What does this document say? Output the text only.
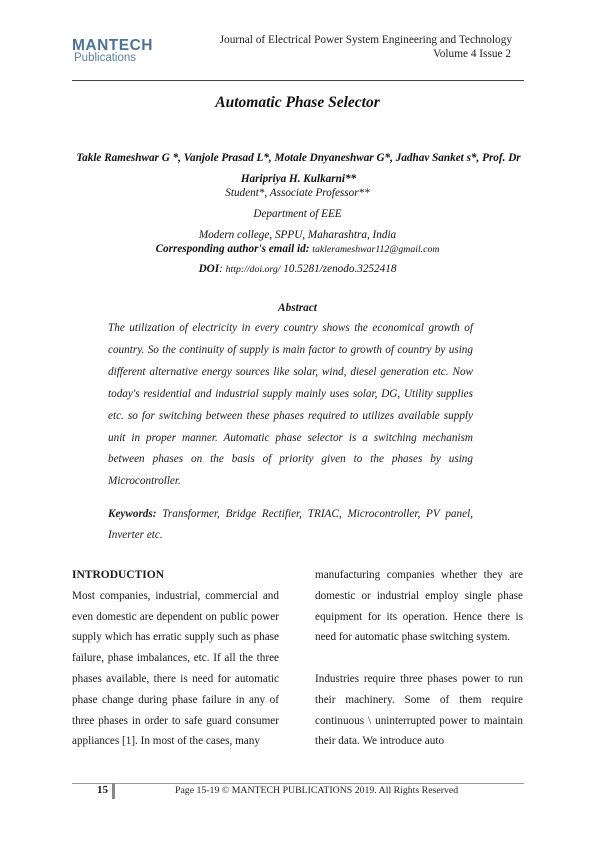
MANTECH
Publications
Journal of Electrical Power System Engineering and Technology
Volume 4 Issue 2
Automatic Phase Selector
Takle Rameshwar G *, Vanjole Prasad L*, Motale Dnyaneshwar G*, Jadhav Sanket s*, Prof. Dr Haripriya H. Kulkarni**
Student*, Associate Professor**
Department of EEE
Modern college, SPPU, Maharashtra, India
Corresponding author's email id: taklerameshwar112@gmail.com
DOI: http://doi.org/ 10.5281/zenodo.3252418
Abstract
The utilization of electricity in every country shows the economical growth of country. So the continuity of supply is main factor to growth of country by using different alternative energy sources like solar, wind, diesel generation etc. Now today's residential and industrial supply mainly uses solar, DG, Utility supplies etc. so for switching between these phases required to utilizes available supply unit in proper manner. Automatic phase selector is a switching mechanism between phases on the basis of priority given to the phases by using Microcontroller.
Keywords: Transformer, Bridge Rectifier, TRIAC, Microcontroller, PV panel, Inverter etc.
INTRODUCTION
Most companies, industrial, commercial and even domestic are dependent on public power supply which has erratic supply such as phase failure, phase imbalances, etc. If all the three phases available, there is need for automatic phase change during phase failure in any of three phases in order to safe guard consumer appliances [1]. In most of the cases, many
manufacturing companies whether they are domestic or industrial employ single phase equipment for its operation. Hence there is need for automatic phase switching system.
Industries require three phases power to run their machinery. Some of them require continuous \ uninterrupted power to maintain their data. We introduce auto
15	Page 15-19 © MANTECH PUBLICATIONS 2019. All Rights Reserved
